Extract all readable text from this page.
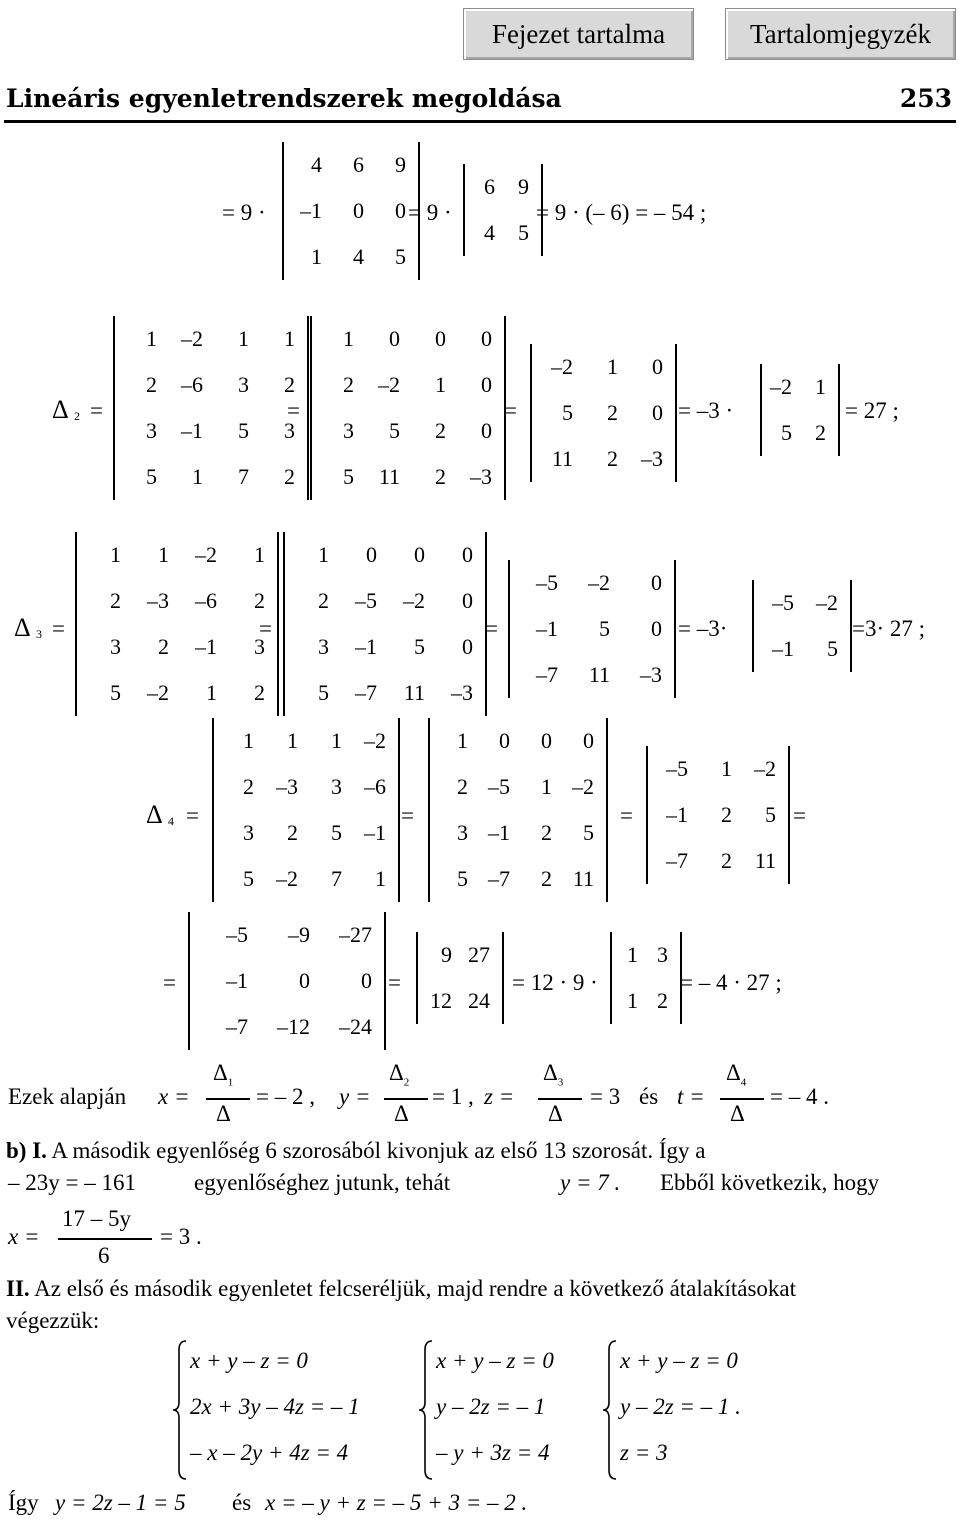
Fejezet tartalma	Tartalomjegyzék
Lineáris egyenletrendszerek megoldása	253
= 9 ·
4	6	9
–1	0	0
1	4	5
= 9 ·
6	9
4	5
= 9 · (– 6) = – 54 ;
Δ 2 =
1	–2	1	1
2	–6	3	2
3	–1	5	3
5	1	7	2
=
1	0	0	0
2	–2	1	0
3	5	2	0
5	11	2	–3
=
–2	1	0
5	2	0
11	2	–3
= –3 ·
–2	1
5	2
= 27 ;
Δ 3 =
1	1	–2	1
2	–3	–6	2
3	2	–1	3
5	–2	1	2
=
1	0	0	0
2	–5	–2	0
3	–1	5	0
5	–7	11	–3
=
–5	–2	0
–1	5	0
–7	11	–3
= –3·
–5	–2
–1	5
=3· 27 ;
Δ 4 =
1	1	1	–2
2	–3	3	–6
3	2	5	–1
5	–2	7	1
=
1	0	0	0
2 –5	1 –2
3 –1	2	5
5 –7	2 11
=
–5	1	–2
–1	2	5
–7	2	11
=
=
–5	–9	–27
–1	0	0
–7	–12	–24
=
9 27
12 24
= 12 · 9 ·
1 3
1 2
= – 4 · 27 ;
Ezek alapján x =
$\Delta_1$
Δ
= – 2 , y =
$\Delta_2$
Δ
= 1 , z =
$\Delta_3$
Δ
= 3 és t =
$\Delta_4$
Δ
= – 4 .
b) I. A második egyenlőség 6 szorosából kivonjuk az első 13 szorosát. Így a
– 23y = – 161	egyenlőséghez jutunk, tehát	y = 7 . Ebből következik, hogy
x =
17 – 5y
6
= 3 .
II. Az első és második egyenletet felcseréljük, majd rendre a következő átalakításokat
végezzük:
x + y – z = 0
2x + 3y – 4z = – 1
– x – 2y + 4z = 4
x + y – z = 0
y – 2z = – 1
– y + 3z = 4
x + y – z = 0
y – 2z = – 1 .
z = 3
Így y = 2z – 1 = 5 és x = – y + z = – 5 + 3 = – 2 .
